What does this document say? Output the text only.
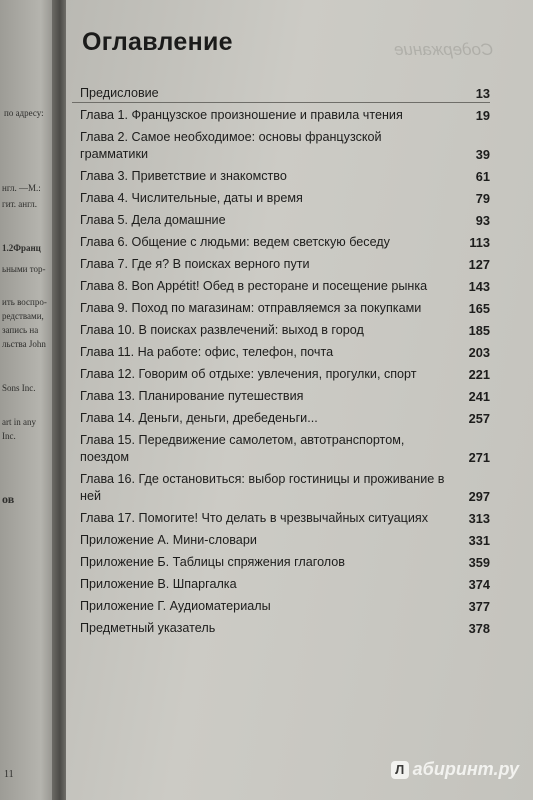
по адресу:
нгл. —М.:
гит. англ.
1.2Франц
ьными тор-
ить воспро-
редствами,
запись на
льства John
Sons Inc.
art in any
Inc.
ов
11
Содержание
Оглавление
Предисловие	13
Глава 1. Французское произношение и правила чтения	19
Глава 2. Самое необходимое: основы французской грамматики	39
Глава 3. Приветствие и знакомство	61
Глава 4. Числительные, даты и время	79
Глава 5. Дела домашние	93
Глава 6. Общение с людьми: ведем светскую беседу	113
Глава 7. Где я? В поисках верного пути	127
Глава 8. Bon Appétit! Обед в ресторане и посещение рынка	143
Глава 9. Поход по магазинам: отправляемся за покупками	165
Глава 10. В поисках развлечений: выход в город	185
Глава 11. На работе: офис, телефон, почта	203
Глава 12. Говорим об отдыхе: увлечения, прогулки, спорт	221
Глава 13. Планирование путешествия	241
Глава 14. Деньги, деньги, дребеденьги...	257
Глава 15. Передвижение самолетом, автотранспортом, поездом	271
Глава 16. Где остановиться: выбор гостиницы и проживание в ней	297
Глава 17. Помогите! Что делать в чрезвычайных ситуациях	313
Приложение А. Мини-словари	331
Приложение Б. Таблицы спряжения глаголов	359
Приложение В. Шпаргалка	374
Приложение Г. Аудиоматериалы	377
Предметный указатель	378
Л абиринт.ру
